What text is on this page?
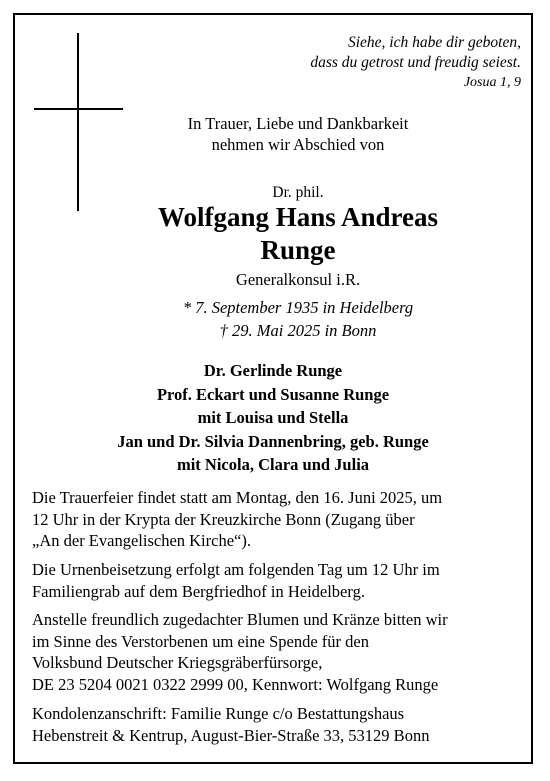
Siehe, ich habe dir geboten,
dass du getrost und freudig seiest.
Josua 1, 9
In Trauer, Liebe und Dankbarkeit
nehmen wir Abschied von
Dr. phil.
Wolfgang Hans Andreas
Runge
Generalkonsul i.R.
* 7. September 1935 in Heidelberg
† 29. Mai 2025 in Bonn
Dr. Gerlinde Runge
Prof. Eckart und Susanne Runge
mit Louisa und Stella
Jan und Dr. Silvia Dannenbring, geb. Runge
mit Nicola, Clara und Julia
Die Trauerfeier findet statt am Montag, den 16. Juni 2025, um
12 Uhr in der Krypta der Kreuzkirche Bonn (Zugang über
„An der Evangelischen Kirche“).
Die Urnenbeisetzung erfolgt am folgenden Tag um 12 Uhr im
Familiengrab auf dem Bergfriedhof in Heidelberg.
Anstelle freundlich zugedachter Blumen und Kränze bitten wir
im Sinne des Verstorbenen um eine Spende für den
Volksbund Deutscher Kriegsgräberfürsorge,
DE 23 5204 0021 0322 2999 00, Kennwort: Wolfgang Runge
Kondolenzanschrift: Familie Runge c/o Bestattungshaus
Hebenstreit & Kentrup, August-Bier-Straße 33, 53129 Bonn
